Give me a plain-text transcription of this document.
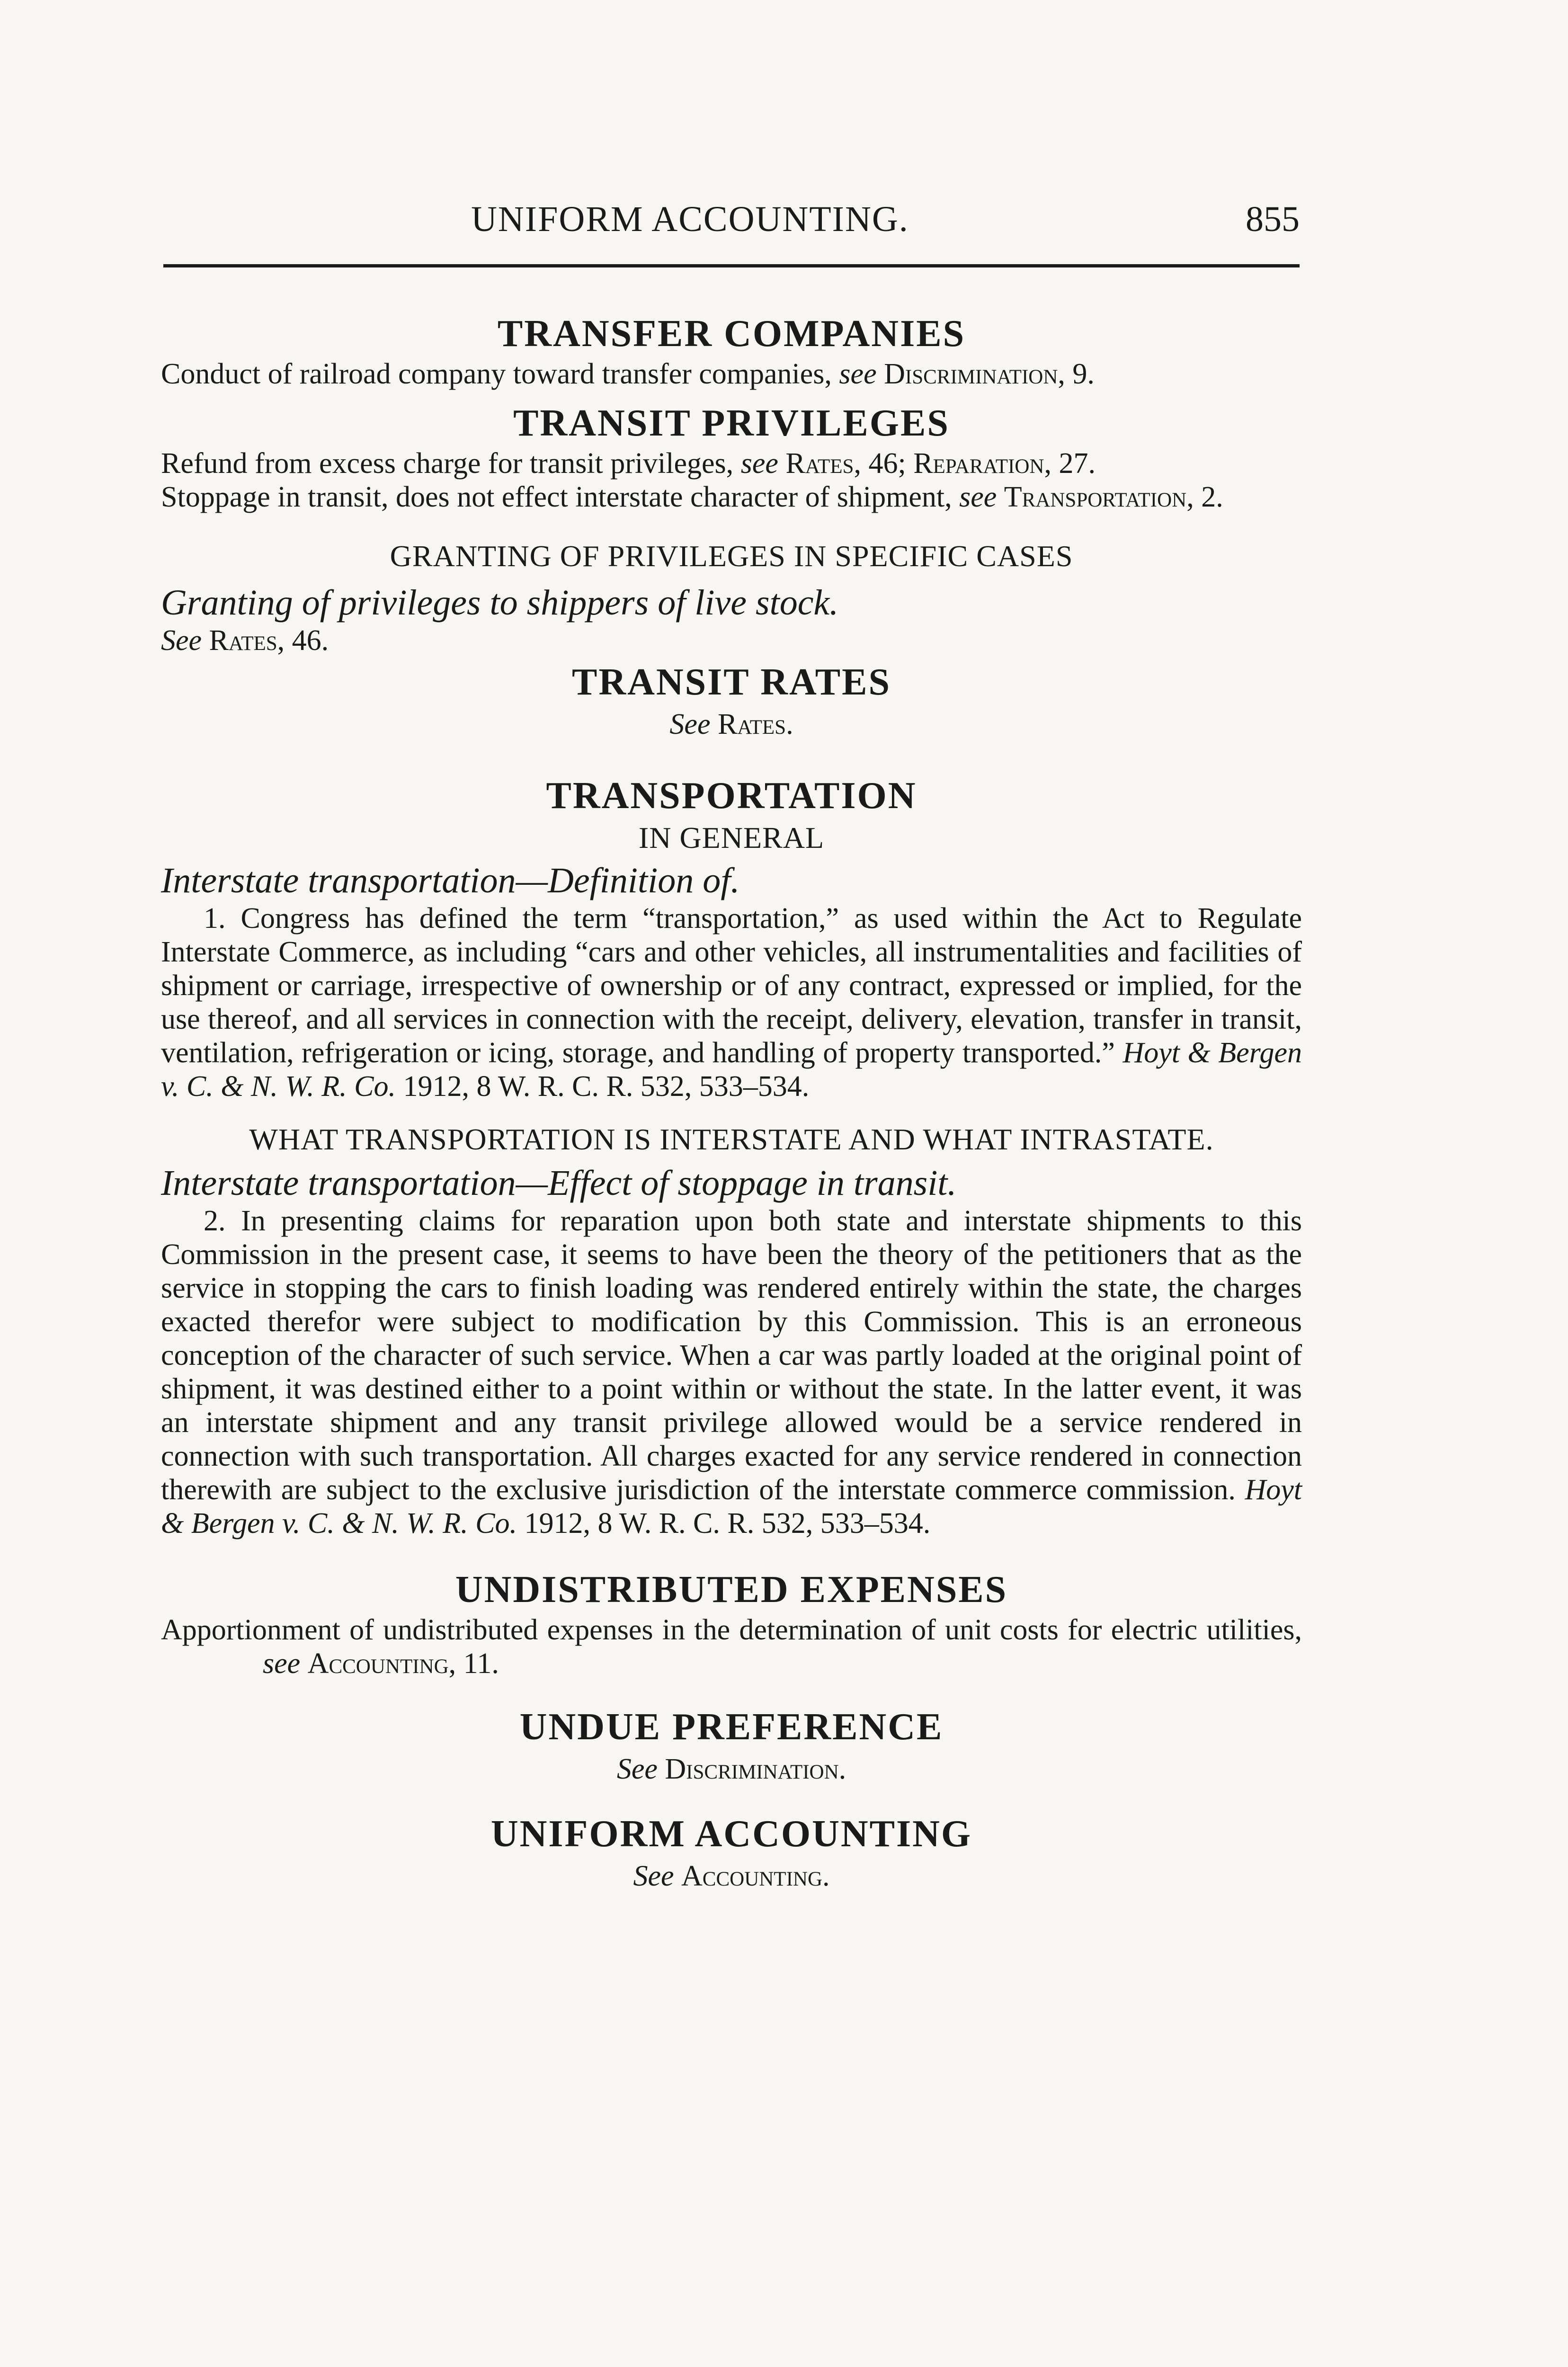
UNIFORM ACCOUNTING.	855
TRANSFER COMPANIES
Conduct of railroad company toward transfer companies, see Discrimination, 9.
TRANSIT PRIVILEGES
Refund from excess charge for transit privileges, see Rates, 46; Reparation, 27.
Stoppage in transit, does not effect interstate character of shipment, see Transportation, 2.
GRANTING OF PRIVILEGES IN SPECIFIC CASES
Granting of privileges to shippers of live stock.
See Rates, 46.
TRANSIT RATES
See Rates.
TRANSPORTATION
IN GENERAL
Interstate transportation—Definition of.
1. Congress has defined the term “transportation,” as used within the Act to Regulate Interstate Commerce, as including “cars and other vehicles, all instrumentalities and facilities of shipment or carriage, irrespective of ownership or of any contract, expressed or implied, for the use thereof, and all services in connection with the receipt, delivery, elevation, transfer in transit, ventilation, refrigeration or icing, storage, and handling of property transported.” Hoyt & Bergen v. C. & N. W. R. Co. 1912, 8 W. R. C. R. 532, 533–534.
WHAT TRANSPORTATION IS INTERSTATE AND WHAT INTRASTATE.
Interstate transportation—Effect of stoppage in transit.
2. In presenting claims for reparation upon both state and interstate shipments to this Commission in the present case, it seems to have been the theory of the petitioners that as the service in stopping the cars to finish loading was rendered entirely within the state, the charges exacted therefor were subject to modification by this Commission. This is an erroneous conception of the character of such service. When a car was partly loaded at the original point of shipment, it was destined either to a point within or without the state. In the latter event, it was an interstate shipment and any transit privilege allowed would be a service rendered in connection with such transportation. All charges exacted for any service rendered in connection therewith are subject to the exclusive jurisdiction of the interstate commerce commission. Hoyt & Bergen v. C. & N. W. R. Co. 1912, 8 W. R. C. R. 532, 533–534.
UNDISTRIBUTED EXPENSES
Apportionment of undistributed expenses in the determination of unit costs for electric utilities, see Accounting, 11.
UNDUE PREFERENCE
See Discrimination.
UNIFORM ACCOUNTING
See Accounting.
